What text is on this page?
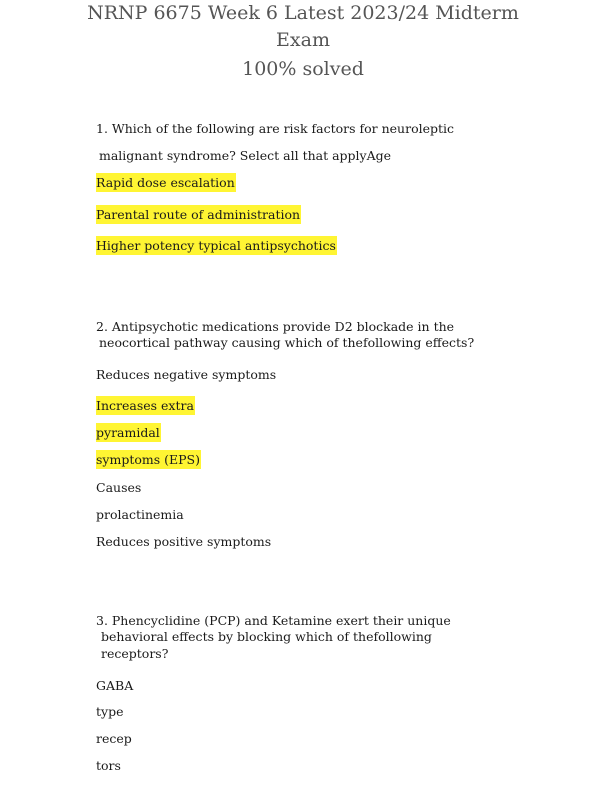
NRNP 6675 Week 6 Latest 2023/24 Midterm
Exam
100% solved
1. Which of the following are risk factors for neuroleptic
malignant syndrome? Select all that applyAge
Rapid dose escalation
Parental route of administration
Higher potency typical antipsychotics
2. Antipsychotic medications provide D2 blockade in the
neocortical pathway causing which of thefollowing effects?
Reduces negative symptoms
Increases extra
pyramidal
symptoms (EPS)
Causes
prolactinemia
Reduces positive symptoms
3. Phencyclidine (PCP) and Ketamine exert their unique
behavioral effects by blocking which of thefollowing
receptors?
GABA
type
recep
tors
